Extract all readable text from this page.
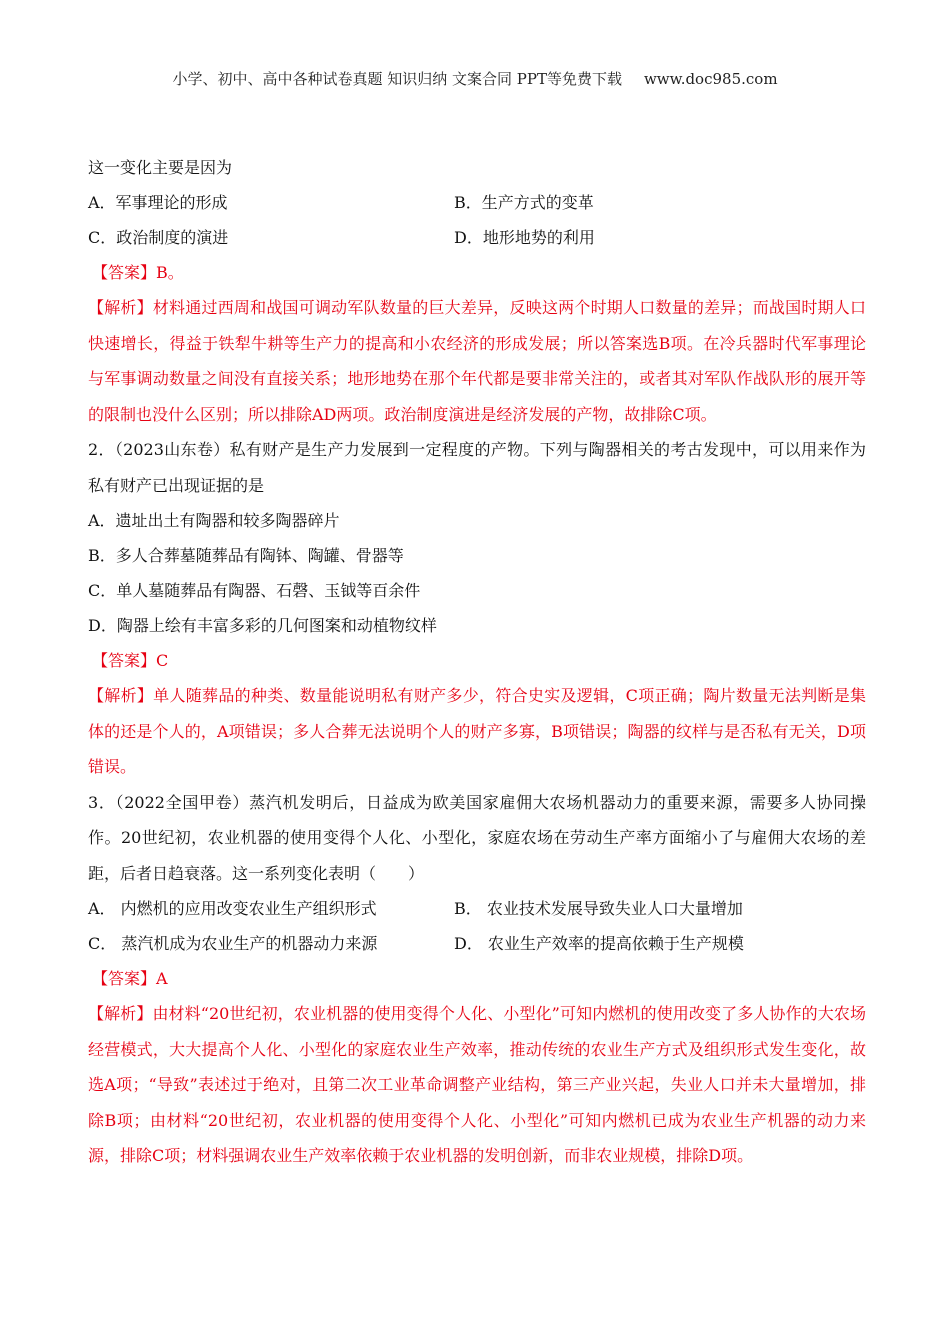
小学、初中、高中各种试卷真题 知识归纳 文案合同 PPT等免费下载 www.doc985.com
这一变化主要是因为
A．军事理论的形成	B．生产方式的变革
C．政治制度的演进	D．地形地势的利用
【答案】B。
【解析】材料通过西周和战国可调动军队数量的巨大差异，反映这两个时期人口数量的差异；而战国时期人口快速增长，得益于铁犁牛耕等生产力的提高和小农经济的形成发展；所以答案选B项。在冷兵器时代军事理论与军事调动数量之间没有直接关系；地形地势在那个年代都是要非常关注的，或者其对军队作战队形的展开等的限制也没什么区别；所以排除AD两项。政治制度演进是经济发展的产物，故排除C项。
2．（2023山东卷）私有财产是生产力发展到一定程度的产物。下列与陶器相关的考古发现中，可以用来作为私有财产已出现证据的是
A．遗址出土有陶器和较多陶器碎片
B．多人合葬墓随葬品有陶钵、陶罐、骨器等
C．单人墓随葬品有陶器、石磬、玉钺等百余件
D．陶器上绘有丰富多彩的几何图案和动植物纹样
【答案】C
【解析】单人随葬品的种类、数量能说明私有财产多少，符合史实及逻辑，C项正确；陶片数量无法判断是集体的还是个人的，A项错误；多人合葬无法说明个人的财产多寡，B项错误；陶器的纹样与是否私有无关，D项错误。
3．（2022全国甲卷）蒸汽机发明后，日益成为欧美国家雇佣大农场机器动力的重要来源，需要多人协同操作。20世纪初，农业机器的使用变得个人化、小型化，家庭农场在劳动生产率方面缩小了与雇佣大农场的差距，后者日趋衰落。这一系列变化表明（　　）
A． 内燃机的应用改变农业生产组织形式	B． 农业技术发展导致失业人口大量增加
C． 蒸汽机成为农业生产的机器动力来源	D． 农业生产效率的提高依赖于生产规模
【答案】A
【解析】由材料“20世纪初，农业机器的使用变得个人化、小型化”可知内燃机的使用改变了多人协作的大农场经营模式，大大提高个人化、小型化的家庭农业生产效率，推动传统的农业生产方式及组织形式发生变化，故选A项；“导致”表述过于绝对，且第二次工业革命调整产业结构，第三产业兴起，失业人口并未大量增加，排除B项；由材料“20世纪初，农业机器的使用变得个人化、小型化”可知内燃机已成为农业生产机器的动力来源，排除C项；材料强调农业生产效率依赖于农业机器的发明创新，而非农业规模，排除D项。
